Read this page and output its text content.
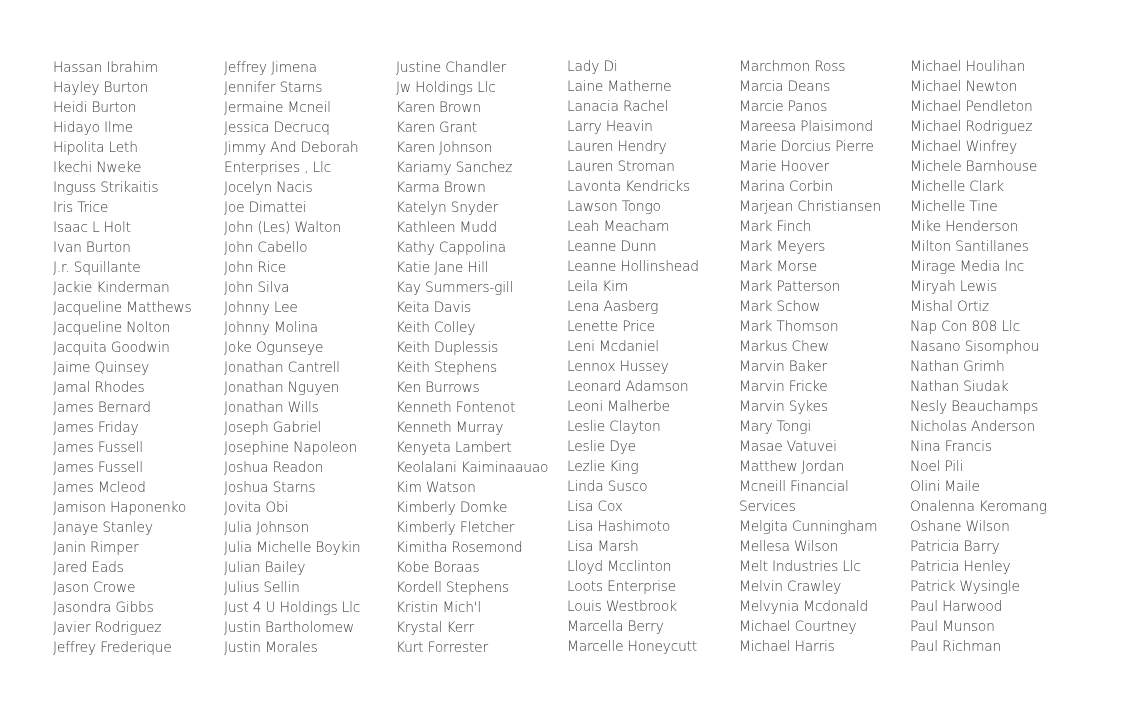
Hassan Ibrahim
Hayley Burton
Heidi Burton
Hidayo Ilme
Hipolita Leth
Ikechi Nweke
Inguss Strikaitis
Iris Trice
Isaac L Holt
Ivan Burton
J.r. Squillante
Jackie Kinderman
Jacqueline Matthews
Jacqueline Nolton
Jacquita Goodwin
Jaime Quinsey
Jamal Rhodes
James Bernard
James Friday
James Fussell
James Fussell
James Mcleod
Jamison Haponenko
Janaye Stanley
Janin Rimper
Jared Eads
Jason Crowe
Jasondra Gibbs
Javier Rodriguez
Jeffrey Frederique
Jeffrey Jimena
Jennifer Starns
Jermaine Mcneil
Jessica Decrucq
Jimmy And Deborah
Enterprises , Llc
Jocelyn Nacis
Joe Dimattei
John (Les) Walton
John Cabello
John Rice
John Silva
Johnny Lee
Johnny Molina
Joke Ogunseye
Jonathan Cantrell
Jonathan Nguyen
Jonathan Wills
Joseph Gabriel
Josephine Napoleon
Joshua Readon
Joshua Starns
Jovita Obi
Julia Johnson
Julia Michelle Boykin
Julian Bailey
Julius Sellin
Just 4 U Holdings Llc
Justin Bartholomew
Justin Morales
Justine Chandler
Jw Holdings Llc
Karen Brown
Karen Grant
Karen Johnson
Kariamy Sanchez
Karma Brown
Katelyn Snyder
Kathleen Mudd
Kathy Cappolina
Katie Jane Hill
Kay Summers-gill
Keita Davis
Keith Colley
Keith Duplessis
Keith Stephens
Ken Burrows
Kenneth Fontenot
Kenneth Murray
Kenyeta Lambert
Keolalani Kaiminaauao
Kim Watson
Kimberly Domke
Kimberly Fletcher
Kimitha Rosemond
Kobe Boraas
Kordell Stephens
Kristin Mich'l
Krystal Kerr
Kurt Forrester
Lady Di
Laine Matherne
Lanacia Rachel
Larry Heavin
Lauren Hendry
Lauren Stroman
Lavonta Kendricks
Lawson Tongo
Leah Meacham
Leanne Dunn
Leanne Hollinshead
Leila Kim
Lena Aasberg
Lenette Price
Leni Mcdaniel
Lennox Hussey
Leonard Adamson
Leoni Malherbe
Leslie Clayton
Leslie Dye
Lezlie King
Linda Susco
Lisa Cox
Lisa Hashimoto
Lisa Marsh
Lloyd Mcclinton
Loots Enterprise
Louis Westbrook
Marcella Berry
Marcelle Honeycutt
Marchmon Ross
Marcia Deans
Marcie Panos
Mareesa Plaisimond
Marie Dorcius Pierre
Marie Hoover
Marina Corbin
Marjean Christiansen
Mark Finch
Mark Meyers
Mark Morse
Mark Patterson
Mark Schow
Mark Thomson
Markus Chew
Marvin Baker
Marvin Fricke
Marvin Sykes
Mary Tongi
Masae Vatuvei
Matthew Jordan
Mcneill Financial
Services
Melgita Cunningham
Mellesa Wilson
Melt Industries Llc
Melvin Crawley
Melvynia Mcdonald
Michael Courtney
Michael Harris
Michael Houlihan
Michael Newton
Michael Pendleton
Michael Rodriguez
Michael Winfrey
Michele Barnhouse
Michelle Clark
Michelle Tine
Mike Henderson
Milton Santillanes
Mirage Media Inc
Miryah Lewis
Mishal Ortiz
Nap Con 808 Llc
Nasano Sisomphou
Nathan Grimh
Nathan Siudak
Nesly Beauchamps
Nicholas Anderson
Nina Francis
Noel Pili
Olini Maile
Onalenna Keromang
Oshane Wilson
Patricia Barry
Patricia Henley
Patrick Wysingle
Paul Harwood
Paul Munson
Paul Richman
